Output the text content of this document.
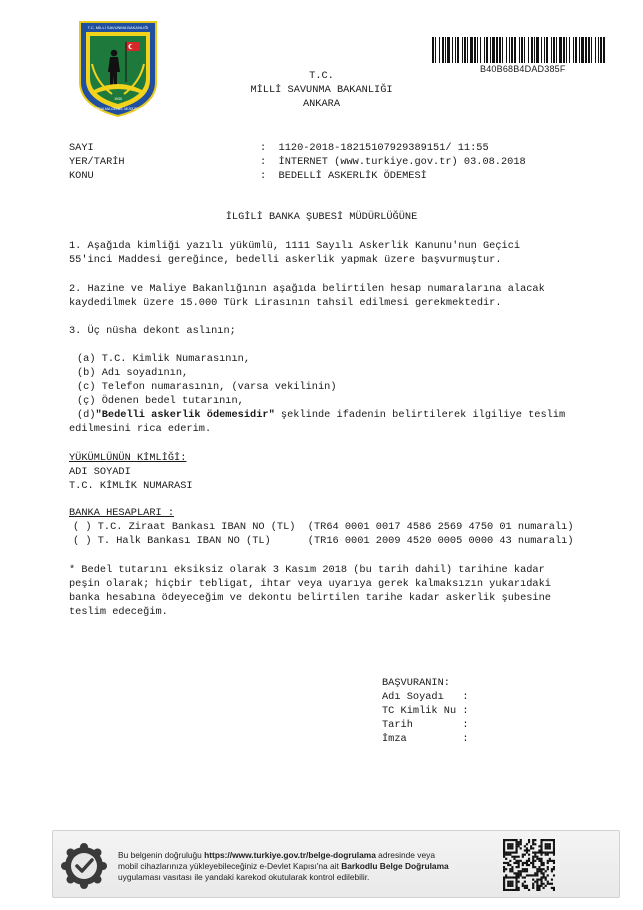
T.C. MİLLİ SAVUNMA BAKANLIĞI
1930
ASKERALMA GENEL MÜDÜRLÜĞÜ
B40B68B4DAD385F
T.C.
MİLLİ SAVUNMA BAKANLIĞI
ANKARA
SAYI	:  1120-2018-18215107929389151/ 11:55
YER/TARİH	:  İNTERNET (www.turkiye.gov.tr) 03.08.2018
KONU	:  BEDELLİ ASKERLİK ÖDEMESİ
İLGİLİ BANKA ŞUBESİ MÜDÜRLÜĞÜNE
1. Aşağıda kimliği yazılı yükümlü, 1111 Sayılı Askerlik Kanunu'nun Geçici
55'inci Maddesi gereğince, bedelli askerlik yapmak üzere başvurmuştur.
2. Hazine ve Maliye Bakanlığının aşağıda belirtilen hesap numaralarına alacak
kaydedilmek üzere 15.000 Türk Lirasının tahsil edilmesi gerekmektedir.
3. Üç nüsha dekont aslının;
(a) T.C. Kimlik Numarasının,
(b) Adı soyadının,
(c) Telefon numarasının, (varsa vekilinin)
(ç) Ödenen bedel tutarının,
(d)"Bedelli askerlik ödemesidir" şeklinde ifadenin belirtilerek ilgiliye teslim
edilmesini rica ederim.
YÜKÜMLÜNÜN KİMLİĞİ:
ADI SOYADI
T.C. KİMLİK NUMARASI
BANKA HESAPLARI :
( ) T.C. Ziraat Bankası IBAN NO (TL)  (TR64 0001 0017 4586 2569 4750 01 numaralı)
( ) T. Halk Bankası IBAN NO (TL)      (TR16 0001 2009 4520 0005 0000 43 numaralı)
* Bedel tutarını eksiksiz olarak 3 Kasım 2018 (bu tarih dahil) tarihine kadar
peşin olarak; hiçbir tebligat, ihtar veya uyarıya gerek kalmaksızın yukarıdaki
banka hesabına ödeyeceğim ve dekontu belirtilen tarihe kadar askerlik şubesine
teslim edeceğim.
BAŞVURANIN:
Adı Soyadı   :
TC Kimlik Nu :
Tarih        :
İmza         :
Bu belgenin doğruluğu https://www.turkiye.gov.tr/belge-dogrulama adresinde veya
mobil cihazlarınıza yükleyebileceğiniz e-Devlet Kapısı'na ait Barkodlu Belge Doğrulama
uygulaması vasıtası ile yandaki karekod okutularak kontrol edilebilir.
